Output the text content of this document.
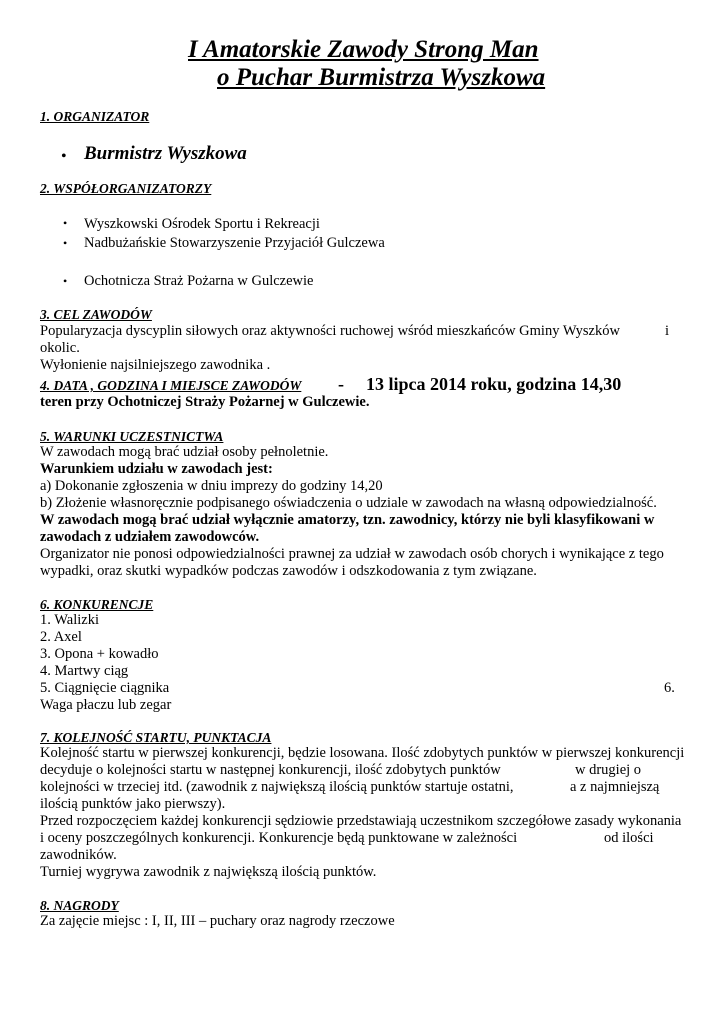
I Amatorskie Zawody Strong Man
o Puchar Burmistrza Wyszkowa
1. ORGANIZATOR
• Burmistrz Wyszkowa
2. WSPÓŁORGANIZATORZY
• Wyszkowski Ośrodek Sportu i Rekreacji
• Nadbużańskie Stowarzyszenie Przyjaciół Gulczewa
• Ochotnicza Straż Pożarna w Gulczewie
3. CEL ZAWODÓW
Popularyzacja dyscyplin siłowych oraz aktywności ruchowej wśród mieszkańców Gminy Wyszków	i
okolic.
Wyłonienie najsilniejszego zawodnika .
4. DATA , GODZINA I MIEJSCE ZAWODÓW - 13 lipca 2014 roku, godzina 14,30
teren przy Ochotniczej Straży Pożarnej w Gulczewie.
5. WARUNKI UCZESTNICTWA
W zawodach mogą brać udział osoby pełnoletnie.
Warunkiem udziału w zawodach jest:
a) Dokonanie zgłoszenia w dniu imprezy do godziny 14,20
b) Złożenie własnoręcznie podpisanego oświadczenia o udziale w zawodach na własną odpowiedzialność.
W zawodach mogą brać udział wyłącznie amatorzy, tzn. zawodnicy, którzy nie byli klasyfikowani w
zawodach z udziałem zawodowców.
Organizator nie ponosi odpowiedzialności prawnej za udział w zawodach osób chorych i wynikające z tego
wypadki, oraz skutki wypadków podczas zawodów i odszkodowania z tym związane.
6. KONKURENCJE
1. Walizki
2. Axel
3. Opona + kowadło
4. Martwy ciąg
5. Ciągnięcie ciągnika	6.
Waga płaczu lub zegar
7. KOLEJNOŚĆ STARTU, PUNKTACJA
Kolejność startu w pierwszej konkurencji, będzie losowana. Ilość zdobytych punktów w pierwszej konkurencji
decyduje o kolejności startu w następnej konkurencji, ilość zdobytych punktów	w drugiej o
kolejności w trzeciej itd. (zawodnik z największą ilością punktów startuje ostatni,	a z najmniejszą
ilością punktów jako pierwszy).
Przed rozpoczęciem każdej konkurencji sędziowie przedstawiają uczestnikom szczegółowe zasady wykonania
i oceny poszczególnych konkurencji. Konkurencje będą punktowane w zależności	od ilości
zawodników.
Turniej wygrywa zawodnik z największą ilością punktów.
8. NAGRODY
Za zajęcie miejsc : I, II, III – puchary oraz nagrody rzeczowe
